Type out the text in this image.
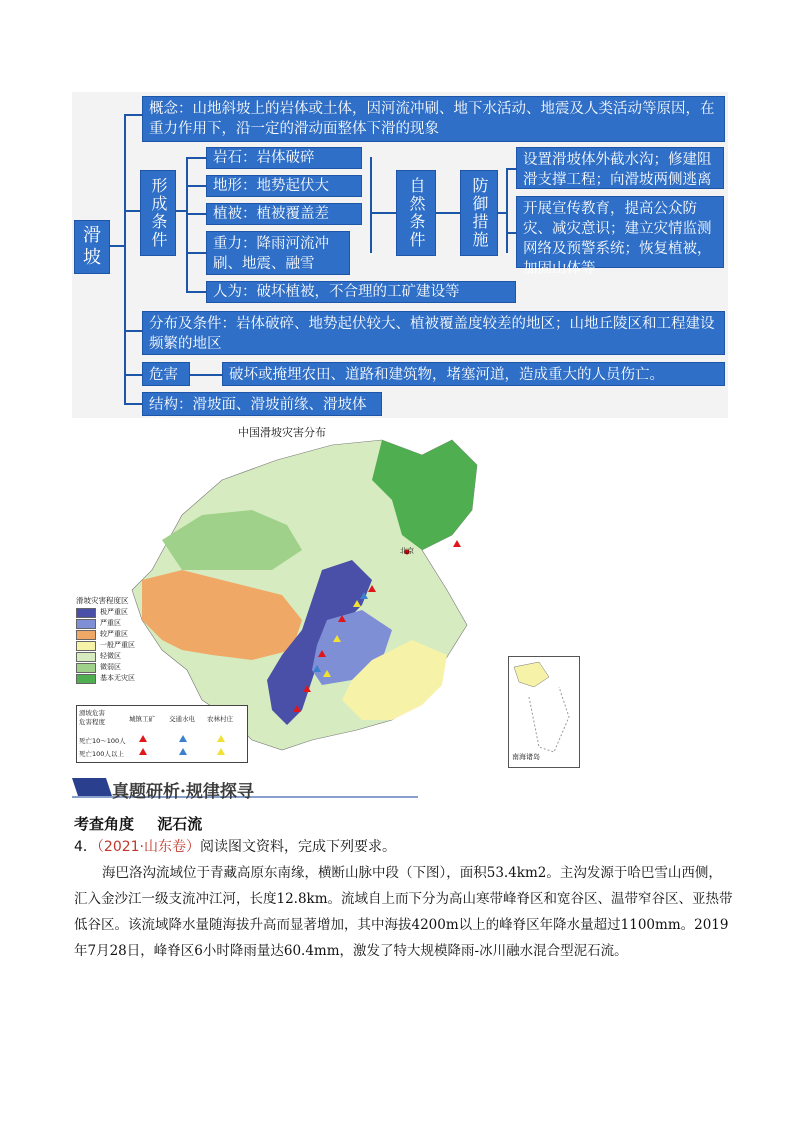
滑坡
概念：山地斜坡上的岩体或土体，因河流冲刷、地下水活动、地震及人类活动等原因，在重力作用下，沿一定的滑动面整体下滑的现象
形成条件
岩石：岩体破碎
地形：地势起伏大
植被：植被覆盖差
重力：降雨河流冲刷、地震、融雪
人为：破坏植被，不合理的工矿建设等
自然条件	防御措施
设置滑坡体外截水沟；修建阻滑支撑工程；向滑坡两侧逃离
开展宣传教育，提高公众防灾、减灾意识；建立灾情监测网络及预警系统；恢复植被，加固山体等
分布及条件：岩体破碎、地势起伏较大、植被覆盖度较差的地区；山地丘陵区和工程建设频繁的地区
危害	破坏或掩埋农田、道路和建筑物，堵塞河道，造成重大的人员伤亡。
结构：滑坡面、滑坡前缘、滑坡体等	中国滑坡灾害分布
北京
滑坡灾害程度区
极严重区
严重区
较严重区
一般严重区
轻微区
微弱区
基本无灾区
滑坡危害
危害程度	城镇工矿 交通水电 农林村庄
死亡10～100人
死亡100人以上	南海诸岛
真题研析·规律探寻
考查角度 泥石流
4．（2021·山东卷）阅读图文资料，完成下列要求。
海巴洛沟流域位于青藏高原东南缘，横断山脉中段（下图），面积53.4km2。主沟发源于哈巴雪山西侧，汇入金沙江一级支流冲江河，长度12.8km。流域自上而下分为高山寒带峰脊区和宽谷区、温带窄谷区、亚热带低谷区。该流域降水量随海拔升高而显著增加，其中海拔4200m以上的峰脊区年降水量超过1100mm。2019年7月28日，峰脊区6小时降雨量达60.4mm，激发了特大规模降雨-冰川融水混合型泥石流。
